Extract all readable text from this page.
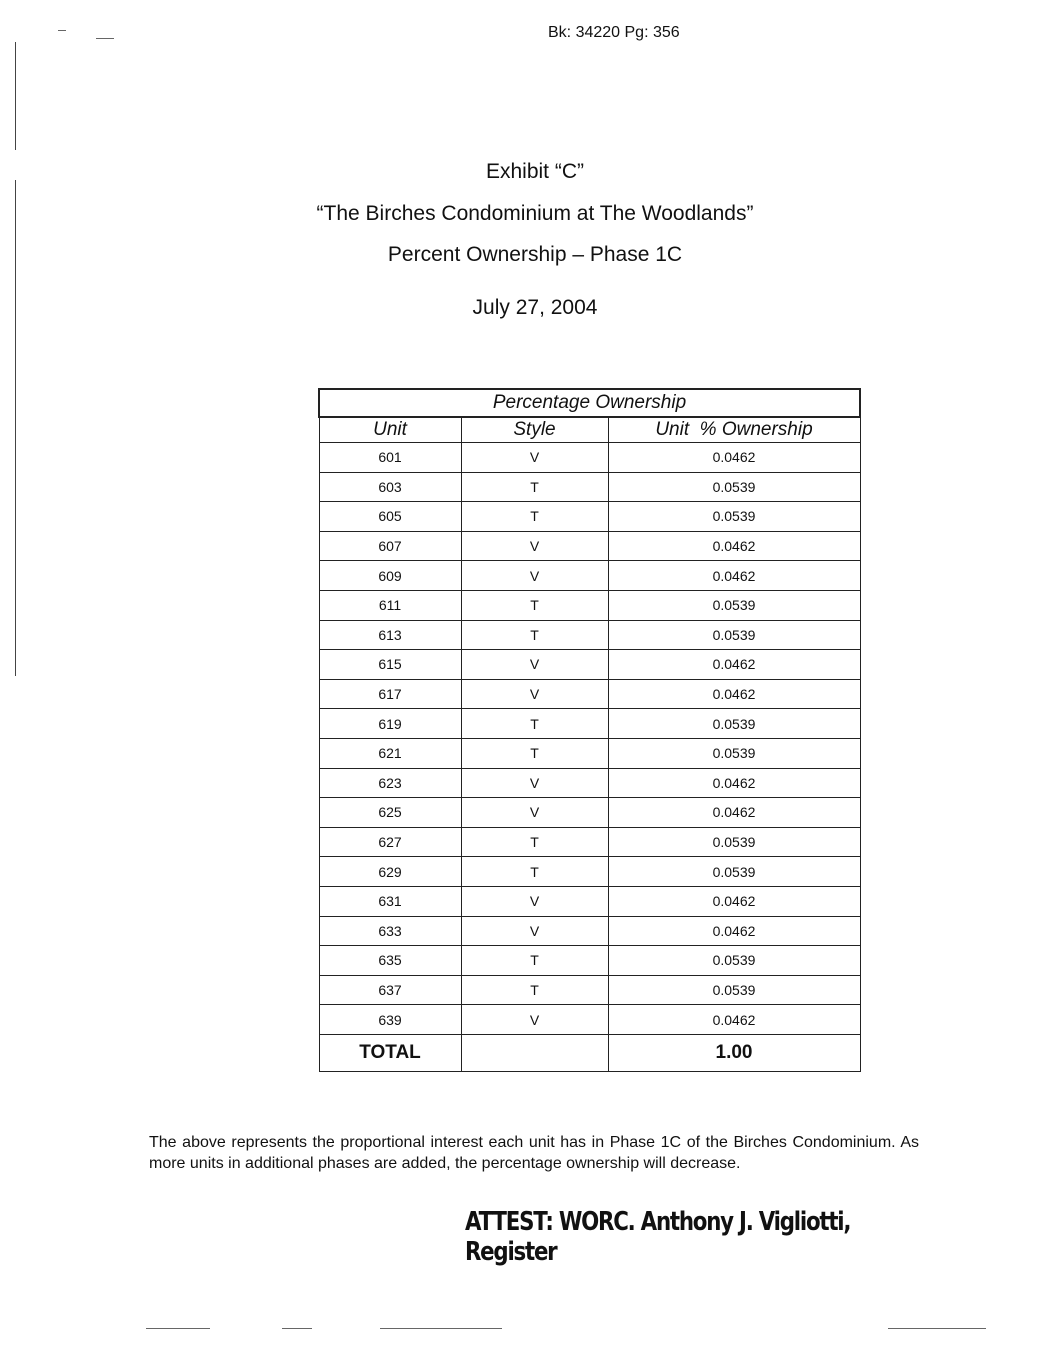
Bk: 34220 Pg: 356
Exhibit “C”
“The Birches Condominium at The Woodlands”
Percent Ownership – Phase 1C
July 27, 2004
Percentage Ownership		
Unit	Style	Unit  % Ownership
601	V	0.0462
603	T	0.0539
605	T	0.0539
607	V	0.0462
609	V	0.0462
611	T	0.0539
613	T	0.0539
615	V	0.0462
617	V	0.0462
619	T	0.0539
621	T	0.0539
623	V	0.0462
625	V	0.0462
627	T	0.0539
629	T	0.0539
631	V	0.0462
633	V	0.0462
635	T	0.0539
637	T	0.0539
639	V	0.0462
TOTAL		1.00
The above represents the proportional interest each unit has in Phase 1C of the Birches Condominium. As more units in additional phases are added, the percentage ownership will decrease.
ATTEST: WORC. Anthony J. Vigliotti, Register
